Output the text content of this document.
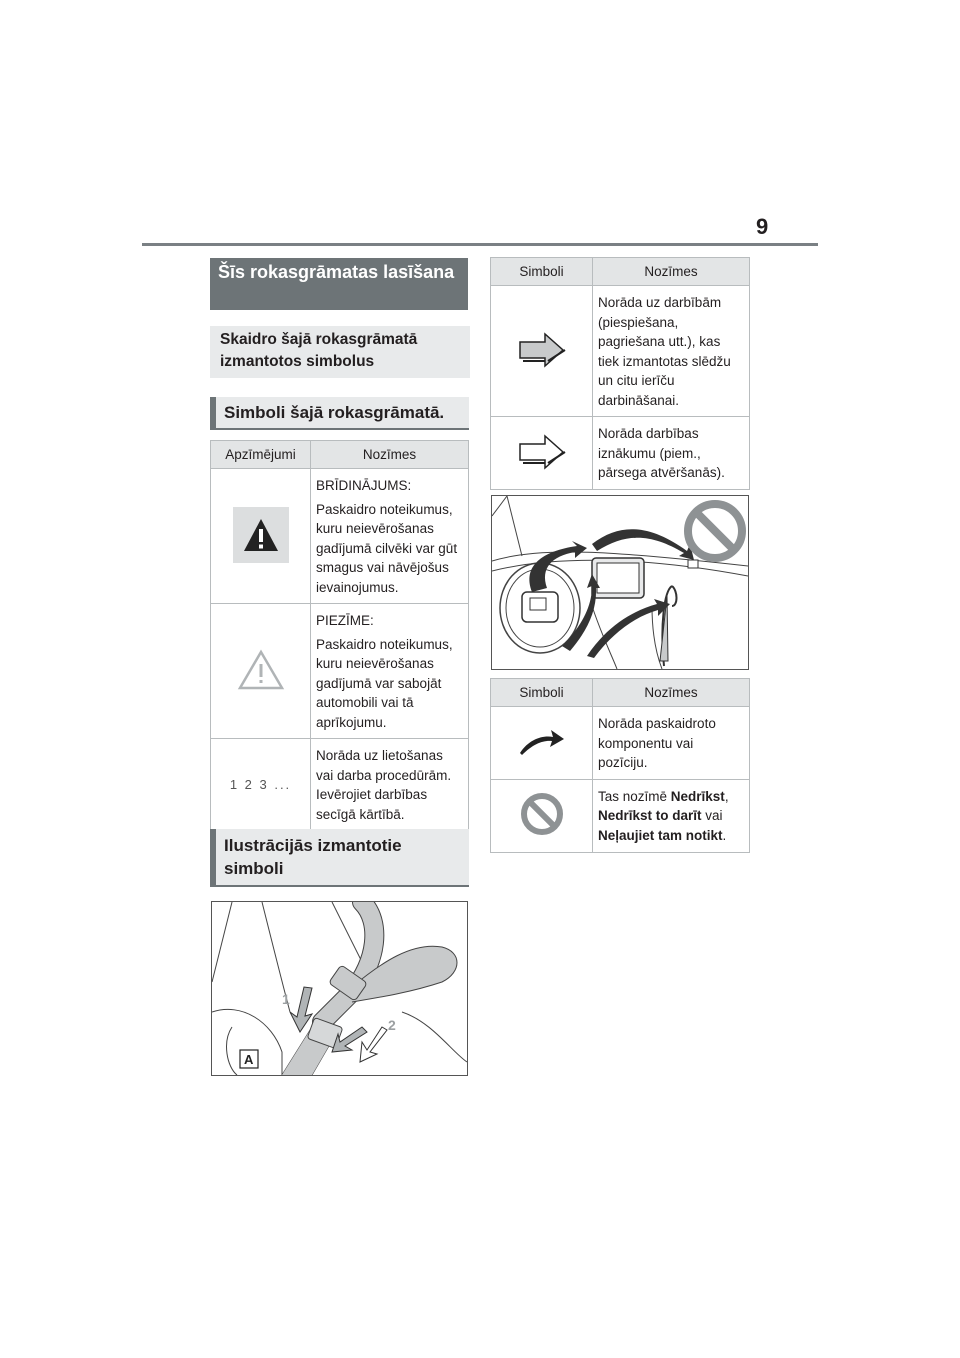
9
Šīs rokasgrāmatas lasīšana
Skaidro šajā rokasgrāmatā izmantotos simbolus
Simboli šajā rokasgrāmatā.
Apzīmējumi	Nozīmes

BRĪDINĀJUMS:

Paskaidro noteikumus, kuru neievērošanas gadījumā cilvēki var gūt smagus vai nāvējošus ievainojumus.

PIEZĪME:

Paskaidro noteikumus, kuru neievērošanas gadījumā var sabojāt automobili vai tā aprīkojumu.

1 2 3 ...	Norāda uz lietošanas vai darba procedūrām. Ievērojiet darbības secīgā kārtībā.

Ilustrācijās izmantotie simboli
1
2
A
Simboli	Nozīmes

Norāda uz darbībām (piespiešana, pagriešana utt.), kas tiek izmantotas slēdžu un citu ierīču darbināšanai.

Norāda darbības iznākumu (piem., pārsega atvēršanās).

Simboli	Nozīmes

Norāda paskaidroto komponentu vai pozīciju.

Tas nozīmē Nedrīkst, Nedrīkst to darīt vai Neļaujiet tam notikt.
